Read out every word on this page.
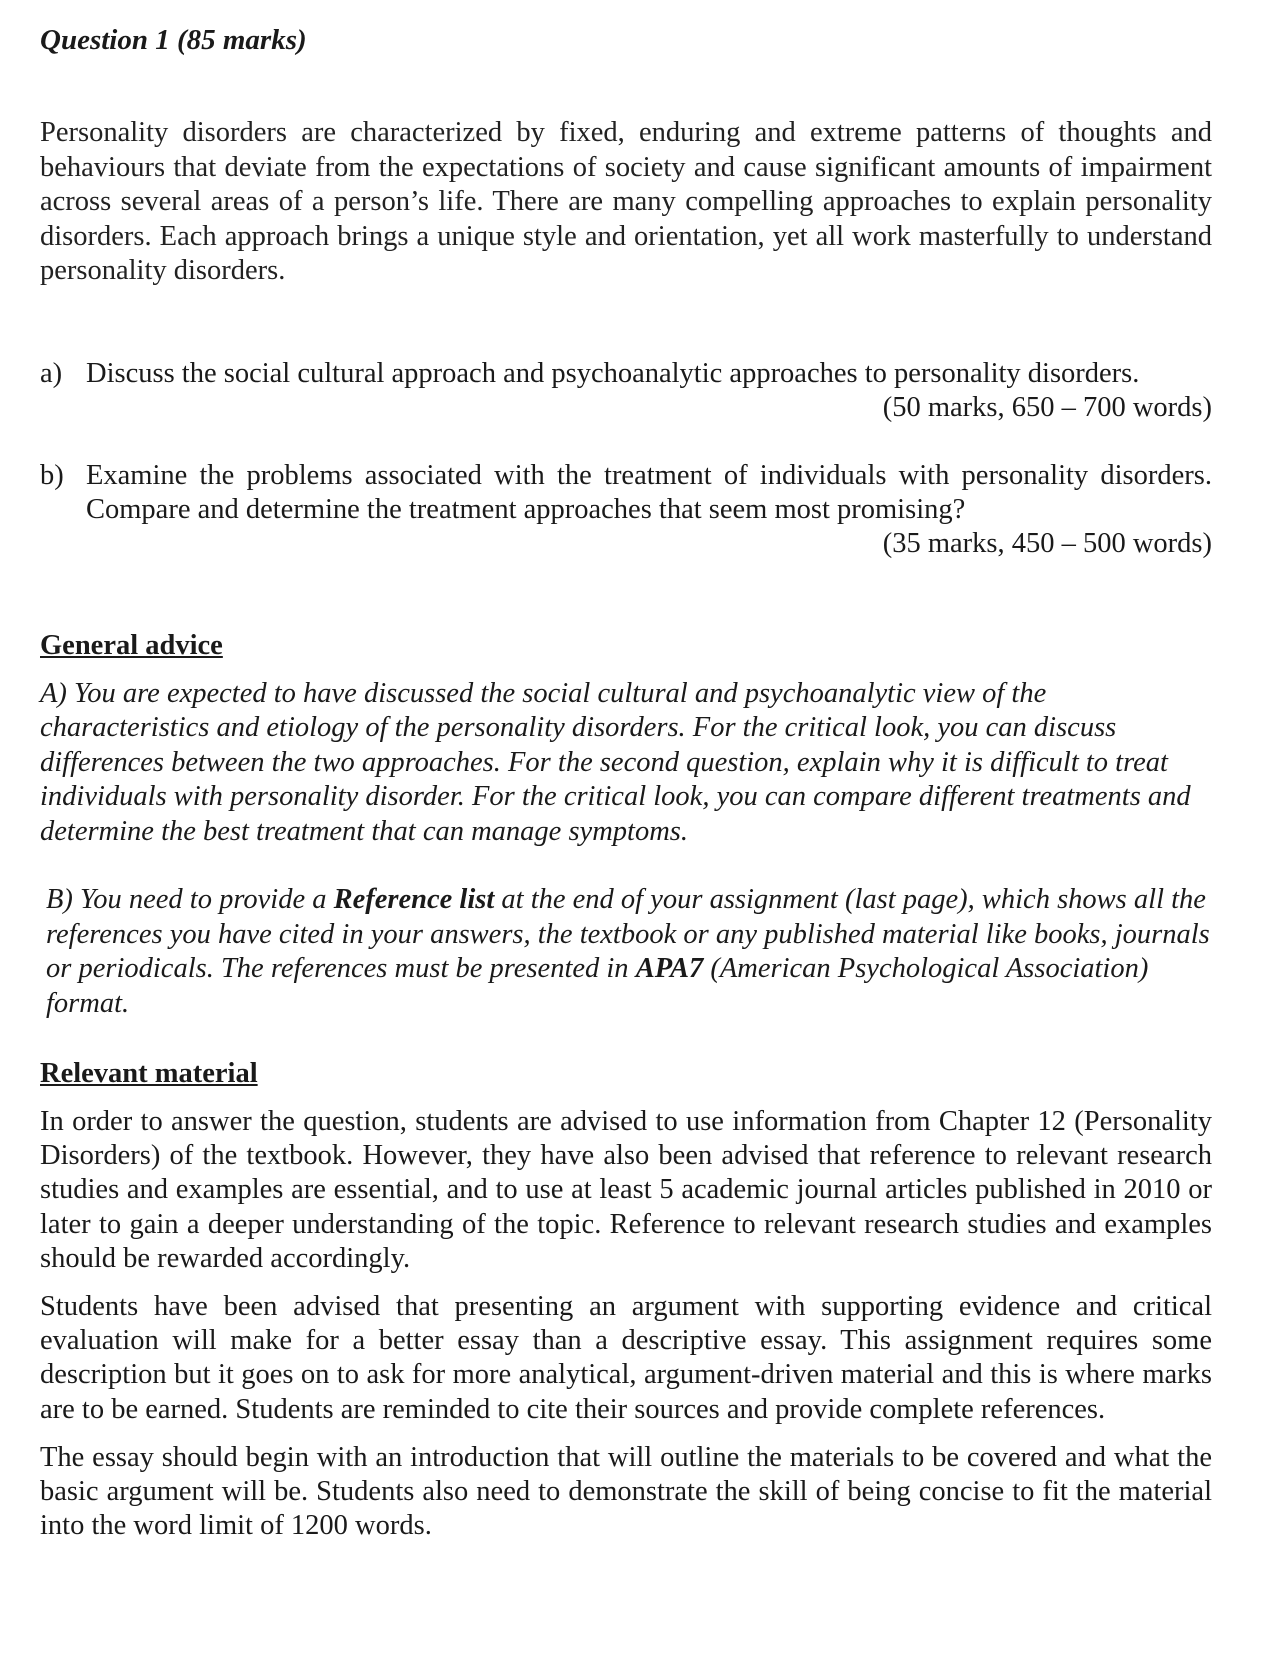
Question 1 (85 marks)

Personality disorders are characterized by fixed, enduring and extreme patterns of thoughts and behaviours that deviate from the expectations of society and cause significant amounts of impairment across several areas of a person’s life. There are many compelling approaches to explain personality disorders. Each approach brings a unique style and orientation, yet all work masterfully to understand personality disorders.

a) Discuss the social cultural approach and psychoanalytic approaches to personality disorders.
(50 marks, 650 – 700 words)
b) Examine the problems associated with the treatment of individuals with personality disorders. Compare and determine the treatment approaches that seem most promising?
(35 marks, 450 – 500 words)
General advice

A) You are expected to have discussed the social cultural and psychoanalytic view of the characteristics and etiology of the personality disorders. For the critical look, you can discuss differences between the two approaches. For the second question, explain why it is difficult to treat individuals with personality disorder. For the critical look, you can compare different treatments and determine the best treatment that can manage symptoms.

B) You need to provide a Reference list at the end of your assignment (last page), which shows all the references you have cited in your answers, the textbook or any published material like books, journals or periodicals. The references must be presented in APA7 (American Psychological Association) format.

Relevant material

In order to answer the question, students are advised to use information from Chapter 12 (Personality Disorders) of the textbook. However, they have also been advised that reference to relevant research studies and examples are essential, and to use at least 5 academic journal articles published in 2010 or later to gain a deeper understanding of the topic. Reference to relevant research studies and examples should be rewarded accordingly.

Students have been advised that presenting an argument with supporting evidence and critical evaluation will make for a better essay than a descriptive essay. This assignment requires some description but it goes on to ask for more analytical, argument-driven material and this is where marks are to be earned. Students are reminded to cite their sources and provide complete references.

The essay should begin with an introduction that will outline the materials to be covered and what the basic argument will be. Students also need to demonstrate the skill of being concise to fit the material into the word limit of 1200 words.
